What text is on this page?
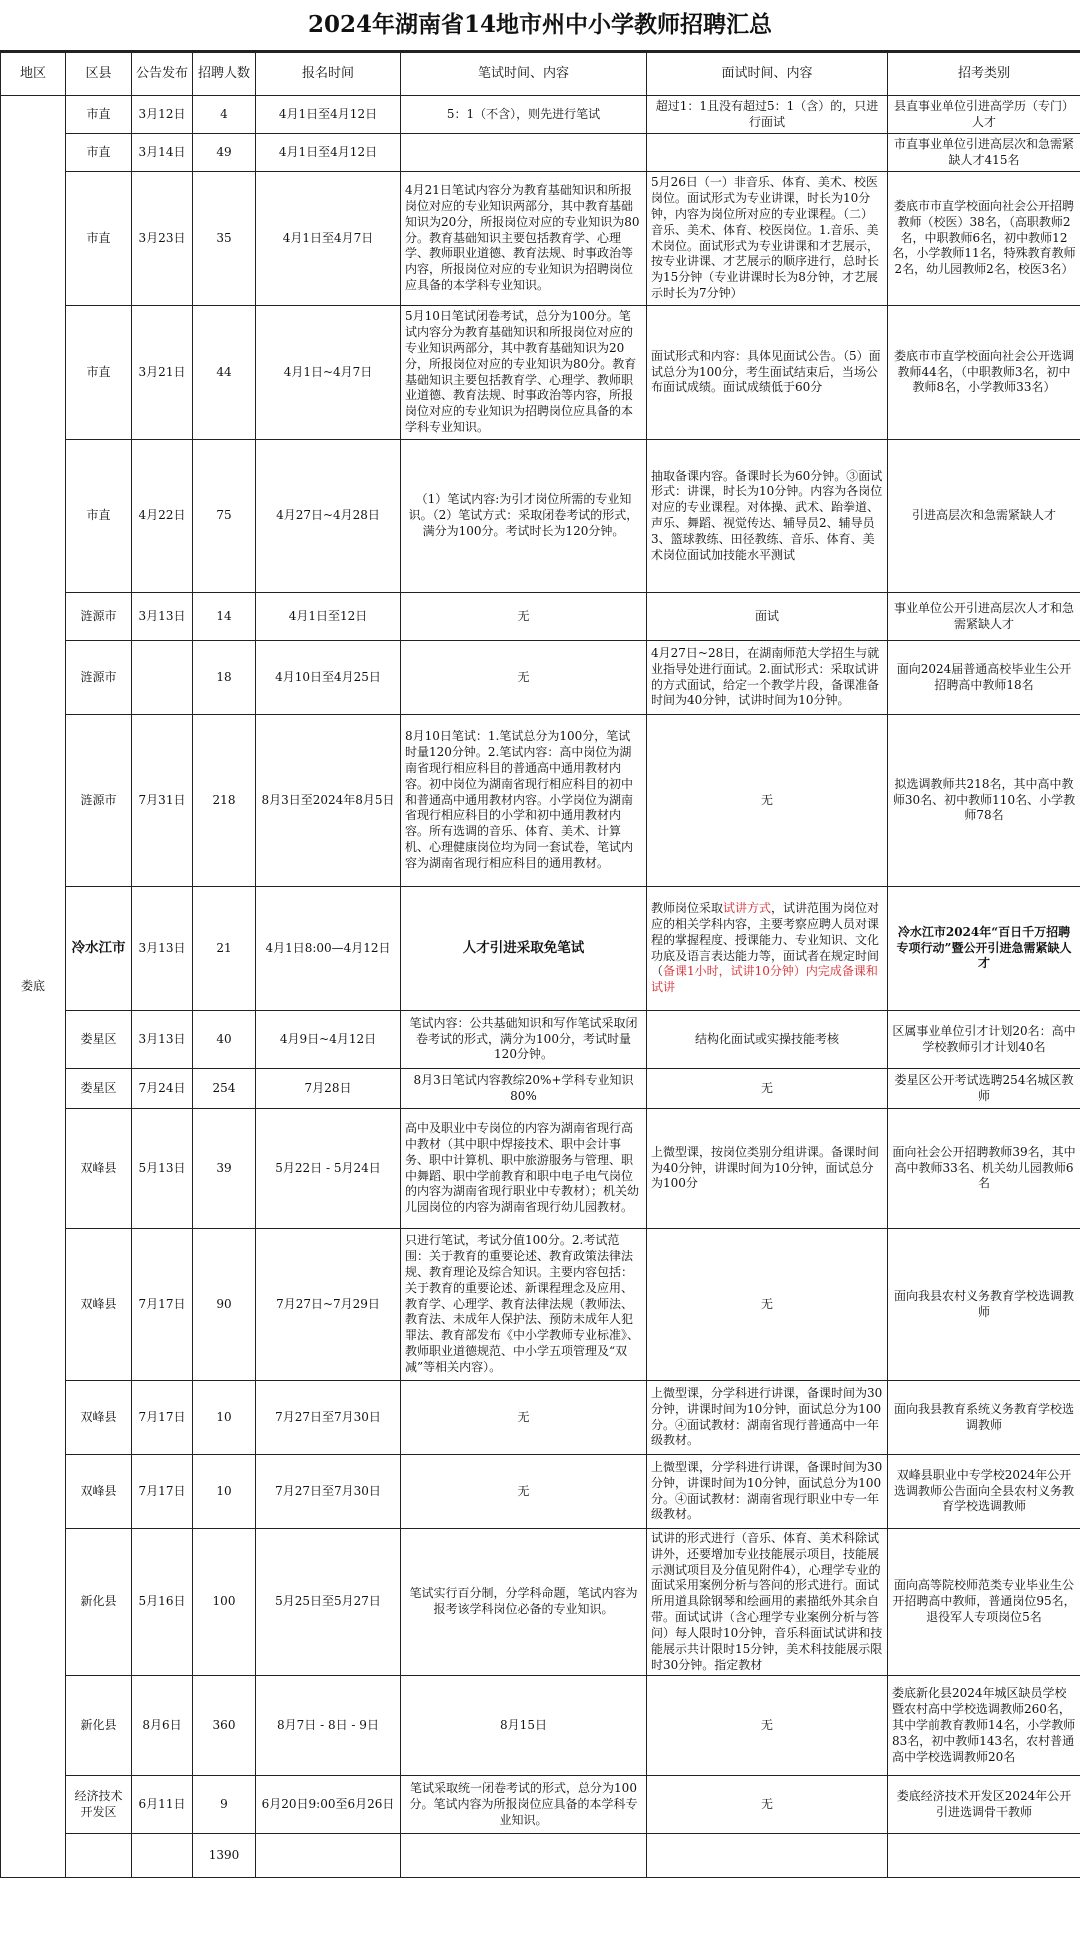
2024年湖南省14地市州中小学教师招聘汇总
地区	区县	公告发布	招聘人数	报名时间	笔试时间、内容	面试时间、内容	招考类别
娄底	市直	3月12日	4	4月1日至4月12日	5：1（不含），则先进行笔试	超过1：1且没有超过5：1（含）的，只进行面试	县直事业单位引进高学历（专门）人才
	市直	3月14日	49	4月1日至4月12日			市直事业单位引进高层次和急需紧缺人才415名
	市直	3月23日	35	4月1日至4月7日	4月21日笔试内容分为教育基础知识和所报岗位对应的专业知识两部分，其中教育基础知识为20分，所报岗位对应的专业知识为80分。教育基础知识主要包括教育学、心理学、教师职业道德、教育法规、时事政治等内容，所报岗位对应的专业知识为招聘岗位应具备的本学科专业知识。	5月26日（一）非音乐、体育、美术、校医岗位。面试形式为专业讲课，时长为10分钟，内容为岗位所对应的专业课程。（二）音乐、美术、体育、校医岗位。1.音乐、美术岗位。面试形式为专业讲课和才艺展示，按专业讲课、才艺展示的顺序进行，总时长为15分钟（专业讲课时长为8分钟，才艺展示时长为7分钟）	娄底市市直学校面向社会公开招聘教师（校医）38名，（高职教师2名，中职教师6名，初中教师12名，小学教师11名，特殊教育教师2名，幼儿园教师2名，校医3名）
	市直	3月21日	44	4月1日~4月7日	5月10日笔试闭卷考试，总分为100分。笔试内容分为教育基础知识和所报岗位对应的专业知识两部分，其中教育基础知识为20分，所报岗位对应的专业知识为80分。教育基础知识主要包括教育学、心理学、教师职业道德、教育法规、时事政治等内容，所报岗位对应的专业知识为招聘岗位应具备的本学科专业知识。	面试形式和内容：具体见面试公告。（5）面试总分为100分，考生面试结束后，当场公布面试成绩。面试成绩低于60分	娄底市市直学校面向社会公开选调教师44名，（中职教师3名，初中教师8名，小学教师33名）
	市直	4月22日	75	4月27日~4月28日	（1）笔试内容:为引才岗位所需的专业知识。（2）笔试方式：采取闭卷考试的形式，满分为100分。考试时长为120分钟。	抽取备课内容。备课时长为60分钟。③面试形式：讲课，时长为10分钟。内容为各岗位对应的专业课程。对体操、武术、跆拳道、声乐、舞蹈、视觉传达、辅导员2、辅导员3、篮球教练、田径教练、音乐、体育、美术岗位面试加技能水平测试	引进高层次和急需紧缺人才
	涟源市	3月13日	14	4月1日至12日	无	面试	事业单位公开引进高层次人才和急需紧缺人才
	涟源市		18	4月10日至4月25日	无	4月27日~28日，在湖南师范大学招生与就业指导处进行面试。2.面试形式：采取试讲的方式面试，给定一个教学片段，备课准备时间为40分钟，试讲时间为10分钟。	面向2024届普通高校毕业生公开招聘高中教师18名
	涟源市	7月31日	218	8月3日至2024年8月5日	8月10日笔试：1.笔试总分为100分，笔试时量120分钟。2.笔试内容：高中岗位为湖南省现行相应科目的普通高中通用教材内容。初中岗位为湖南省现行相应科目的初中和普通高中通用教材内容。小学岗位为湖南省现行相应科目的小学和初中通用教材内容。所有选调的音乐、体育、美术、计算机、心理健康岗位均为同一套试卷，笔试内容为湖南省现行相应科目的通用教材。	无	拟选调教师共218名，其中高中教师30名、初中教师110名、小学教师78名
	冷水江市	3月13日	21	4月1日8:00—4月12日	人才引进采取免笔试	教师岗位采取试讲方式，试讲范围为岗位对应的相关学科内容，主要考察应聘人员对课程的掌握程度、授课能力、专业知识、文化功底及语言表达能力等，面试者在规定时间（备课1小时，试讲10分钟）内完成备课和试讲	冷水江市2024年“百日千万招聘专项行动”暨公开引进急需紧缺人才
	娄星区	3月13日	40	4月9日~4月12日	笔试内容：公共基础知识和写作笔试采取闭卷考试的形式，满分为100分，考试时量120分钟。	结构化面试或实操技能考核	区属事业单位引才计划20名：高中学校教师引才计划40名
	娄星区	7月24日	254	7月28日	8月3日笔试内容教综20%+学科专业知识80%	无	娄星区公开考试选聘254名城区教师
	双峰县	5月13日	39	5月22日 - 5月24日	高中及职业中专岗位的内容为湖南省现行高中教材（其中职中焊接技术、职中会计事务、职中计算机、职中旅游服务与管理、职中舞蹈、职中学前教育和职中电子电气岗位的内容为湖南省现行职业中专教材）；机关幼儿园岗位的内容为湖南省现行幼儿园教材。	上微型课，按岗位类别分组讲课。备课时间为40分钟，讲课时间为10分钟，面试总分为100分	面向社会公开招聘教师39名，其中高中教师33名、机关幼儿园教师6名
	双峰县	7月17日	90	7月27日~7月29日	只进行笔试，考试分值100分。2.考试范围：关于教育的重要论述、教育政策法律法规、教育理论及综合知识。主要内容包括：关于教育的重要论述、新课程理念及应用、教育学、心理学、教育法律法规（教师法、教育法、未成年人保护法、预防未成年人犯罪法、教育部发布《中小学教师专业标准》、教师职业道德规范、中小学五项管理及“双减”等相关内容）。	无	面向我县农村义务教育学校选调教师
	双峰县	7月17日	10	7月27日至7月30日	无	上微型课，分学科进行讲课，备课时间为30分钟，讲课时间为10分钟，面试总分为100分。④面试教材：湖南省现行普通高中一年级教材。	面向我县教育系统义务教育学校选调教师
	双峰县	7月17日	10	7月27日至7月30日	无	上微型课，分学科进行讲课，备课时间为30分钟，讲课时间为10分钟，面试总分为100分。④面试教材：湖南省现行职业中专一年级教材。	双峰县职业中专学校2024年公开选调教师公告面向全县农村义务教育学校选调教师
	新化县	5月16日	100	5月25日至5月27日	笔试实行百分制，分学科命题，笔试内容为报考该学科岗位必备的专业知识。	试讲的形式进行（音乐、体育、美术科除试讲外，还要增加专业技能展示项目，技能展示测试项目及分值见附件4），心理学专业的面试采用案例分析与答问的形式进行。面试所用道具除钢琴和绘画用的素描纸外其余自带。面试试讲（含心理学专业案例分析与答问）每人限时10分钟，音乐科面试试讲和技能展示共计限时15分钟，美术科技能展示限时30分钟。指定教材	面向高等院校师范类专业毕业生公开招聘高中教师，普通岗位95名，退役军人专项岗位5名
	新化县	8月6日	360	8月7日 - 8日 - 9日	8月15日	无	娄底新化县2024年城区缺员学校暨农村高中学校选调教师260名，其中学前教育教师14名，小学教师83名，初中教师143名，农村普通高中学校选调教师20名
	经济技术开发区	6月11日	9	6月20日9:00至6月26日	笔试采取统一闭卷考试的形式，总分为100分。笔试内容为所报岗位应具备的本学科专业知识。	无	娄底经济技术开发区2024年公开引进选调骨干教师
			1390				
